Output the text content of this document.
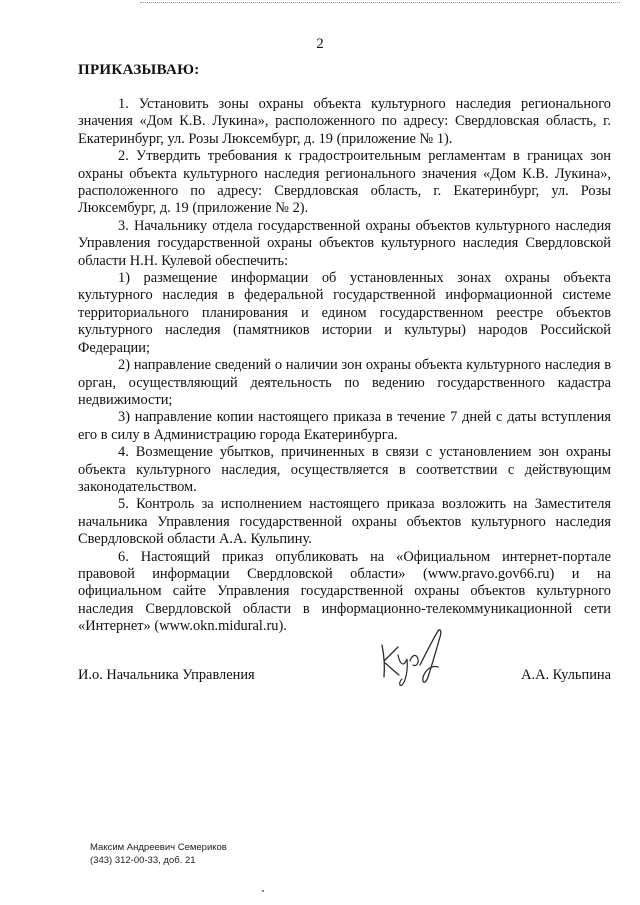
2
ПРИКАЗЫВАЮ:

1. Установить зоны охраны объекта культурного наследия регионального значения «Дом К.В. Лукина», расположенного по адресу: Свердловская область, г. Екатеринбург, ул. Розы Люксембург, д. 19 (приложение № 1).

2. Утвердить требования к градостроительным регламентам в границах зон охраны объекта культурного наследия регионального значения «Дом К.В. Лукина», расположенного по адресу: Свердловская область, г. Екатеринбург, ул. Розы Люксембург, д. 19 (приложение № 2).

3. Начальнику отдела государственной охраны объектов культурного наследия Управления государственной охраны объектов культурного наследия Свердловской области Н.Н. Кулевой обеспечить:

1) размещение информации об установленных зонах охраны объекта культурного наследия в федеральной государственной информационной системе территориального планирования и едином государственном реестре объектов культурного наследия (памятников истории и культуры) народов Российской Федерации;

2) направление сведений о наличии зон охраны объекта культурного наследия в орган, осуществляющий деятельность по ведению государственного кадастра недвижимости;

3) направление копии настоящего приказа в течение 7 дней с даты вступления его в силу в Администрацию города Екатеринбурга.

4. Возмещение убытков, причиненных в связи с установлением зон охраны объекта культурного наследия, осуществляется в соответствии с действующим законодательством.

5. Контроль за исполнением настоящего приказа возложить на Заместителя начальника Управления государственной охраны объектов культурного наследия Свердловской области А.А. Кульпину.

6. Настоящий приказ опубликовать на «Официальном интернет-портале правовой информации Свердловской области» (www.pravo.gov66.ru) и на официальном сайте Управления государственной охраны объектов культурного наследия Свердловской области в информационно-телекоммуникационной сети «Интернет» (www.okn.midural.ru).

И.о. Начальника Управления	А.А. Кульпина
Максим Андреевич Семериков
(343) 312-00-33, доб. 21
